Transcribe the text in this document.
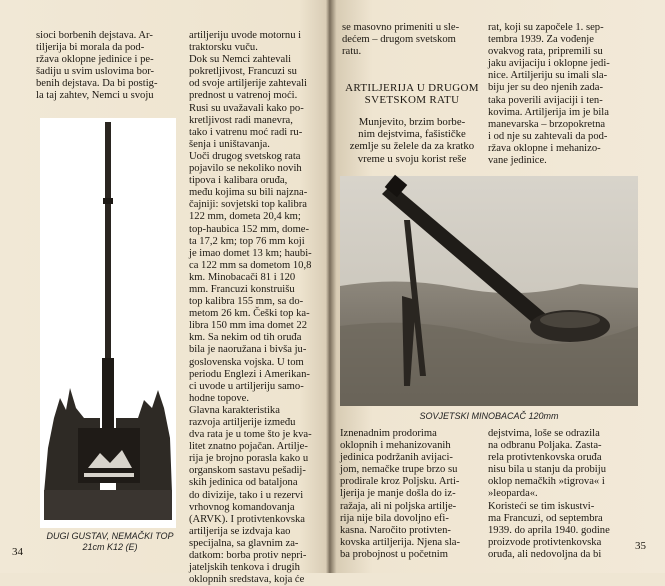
sioci borbenih dejstava. Ar-
tiljerija bi morala da pod-
ržava oklopne jedinice i pe-
šadiju u svim uslovima bor-
benih dejstava. Da bi postig-
la taj zahtev, Nemci u svoju
DUGI GUSTAV, NEMAČKI TOP
21cm K12 (E)
artiljeriju uvode motornu i
traktorsku vuču.
Dok su Nemci zahtevali
pokretljivost, Francuzi su
od svoje artiljerije zahtevali
prednost u vatrenoj moći.
Rusi su uvažavali kako po-
kretljivost radi manevra,
tako i vatrenu moć radi ru-
šenja i uništavanja.
Uoči drugog svetskog rata
pojavilo se nekoliko novih
tipova i kalibara oruđa,
među kojima su bili najzna-
čajniji: sovjetski top kalibra
122 mm, dometa 20,4 km;
top-haubica 152 mm, dome-
ta 17,2 km; top 76 mm koji
je imao domet 13 km; haubi-
ca 122 mm sa dometom 10,8
km. Minobacači 81 i 120
mm. Francuzi konstruišu
top kalibra 155 mm, sa do-
metom 26 km. Češki top ka-
libra 150 mm ima domet 22
km. Sa nekim od tih oruđa
bila je naoružana i bivša ju-
goslovenska vojska. U tom
periodu Englezi i Amerikan-
ci uvode u artiljeriju samo-
hodne topove.
Glavna karakteristika
razvoja artiljerije između
dva rata je u tome što je kva-
litet znatno pojačan. Artilje-
rija je brojno porasla kako u
organskom sastavu pešadij-
skih jedinica od bataljona
do divizije, tako i u rezervi
vrhovnog komandovanja
(ARVK). I protivtenkovska
artiljerija se izdvaja kao
specijalna, sa glavnim za-
datkom: borba protiv nepri-
jateljskih tenkova i drugih
oklopnih sredstava, koja će
34
se masovno primeniti u sle-
dećem – drugom svetskom
ratu.
ARTILJERIJA U DRUGOM
SVETSKOM RATU
Munjevito, brzim borbe-
nim dejstvima, fašističke
zemlje su želele da za kratko
vreme u svoju korist reše
rat, koji su započele 1. sep-
tembra 1939. Za vođenje
ovakvog rata, pripremili su
jaku avijaciju i oklopne jedi-
nice. Artiljeriju su imali sla-
biju jer su deo njenih zada-
taka poverili avijaciji i ten-
kovima. Artiljerija im je bila
manevarska – brzopokretna
i od nje su zahtevali da pod-
ržava oklopne i mehanizo-
vane jedinice.
SOVJETSKI MINOBACAČ 120mm
Iznenadnim prodorima
oklopnih i mehanizovanih
jedinica podržanih avijaci-
jom, nemačke trupe brzo su
prodirale kroz Poljsku. Arti-
ljerija je manje došla do iz-
ražaja, ali ni poljska artilje-
rija nije bila dovoljno efi-
kasna. Naročito protivten-
kovska artiljerija. Njena sla-
ba probojnost u početnim
dejstvima, loše se odrazila
na odbranu Poljaka. Zasta-
rela protivtenkovska oruđa
nisu bila u stanju da probiju
oklop nemačkih »tigrova« i
»leoparda«.
Koristeći se tim iskustvi-
ma Francuzi, od septembra
1939. do aprila 1940. godine
proizvode protivtenkovska
oruđa, ali nedovoljna da bi
35
